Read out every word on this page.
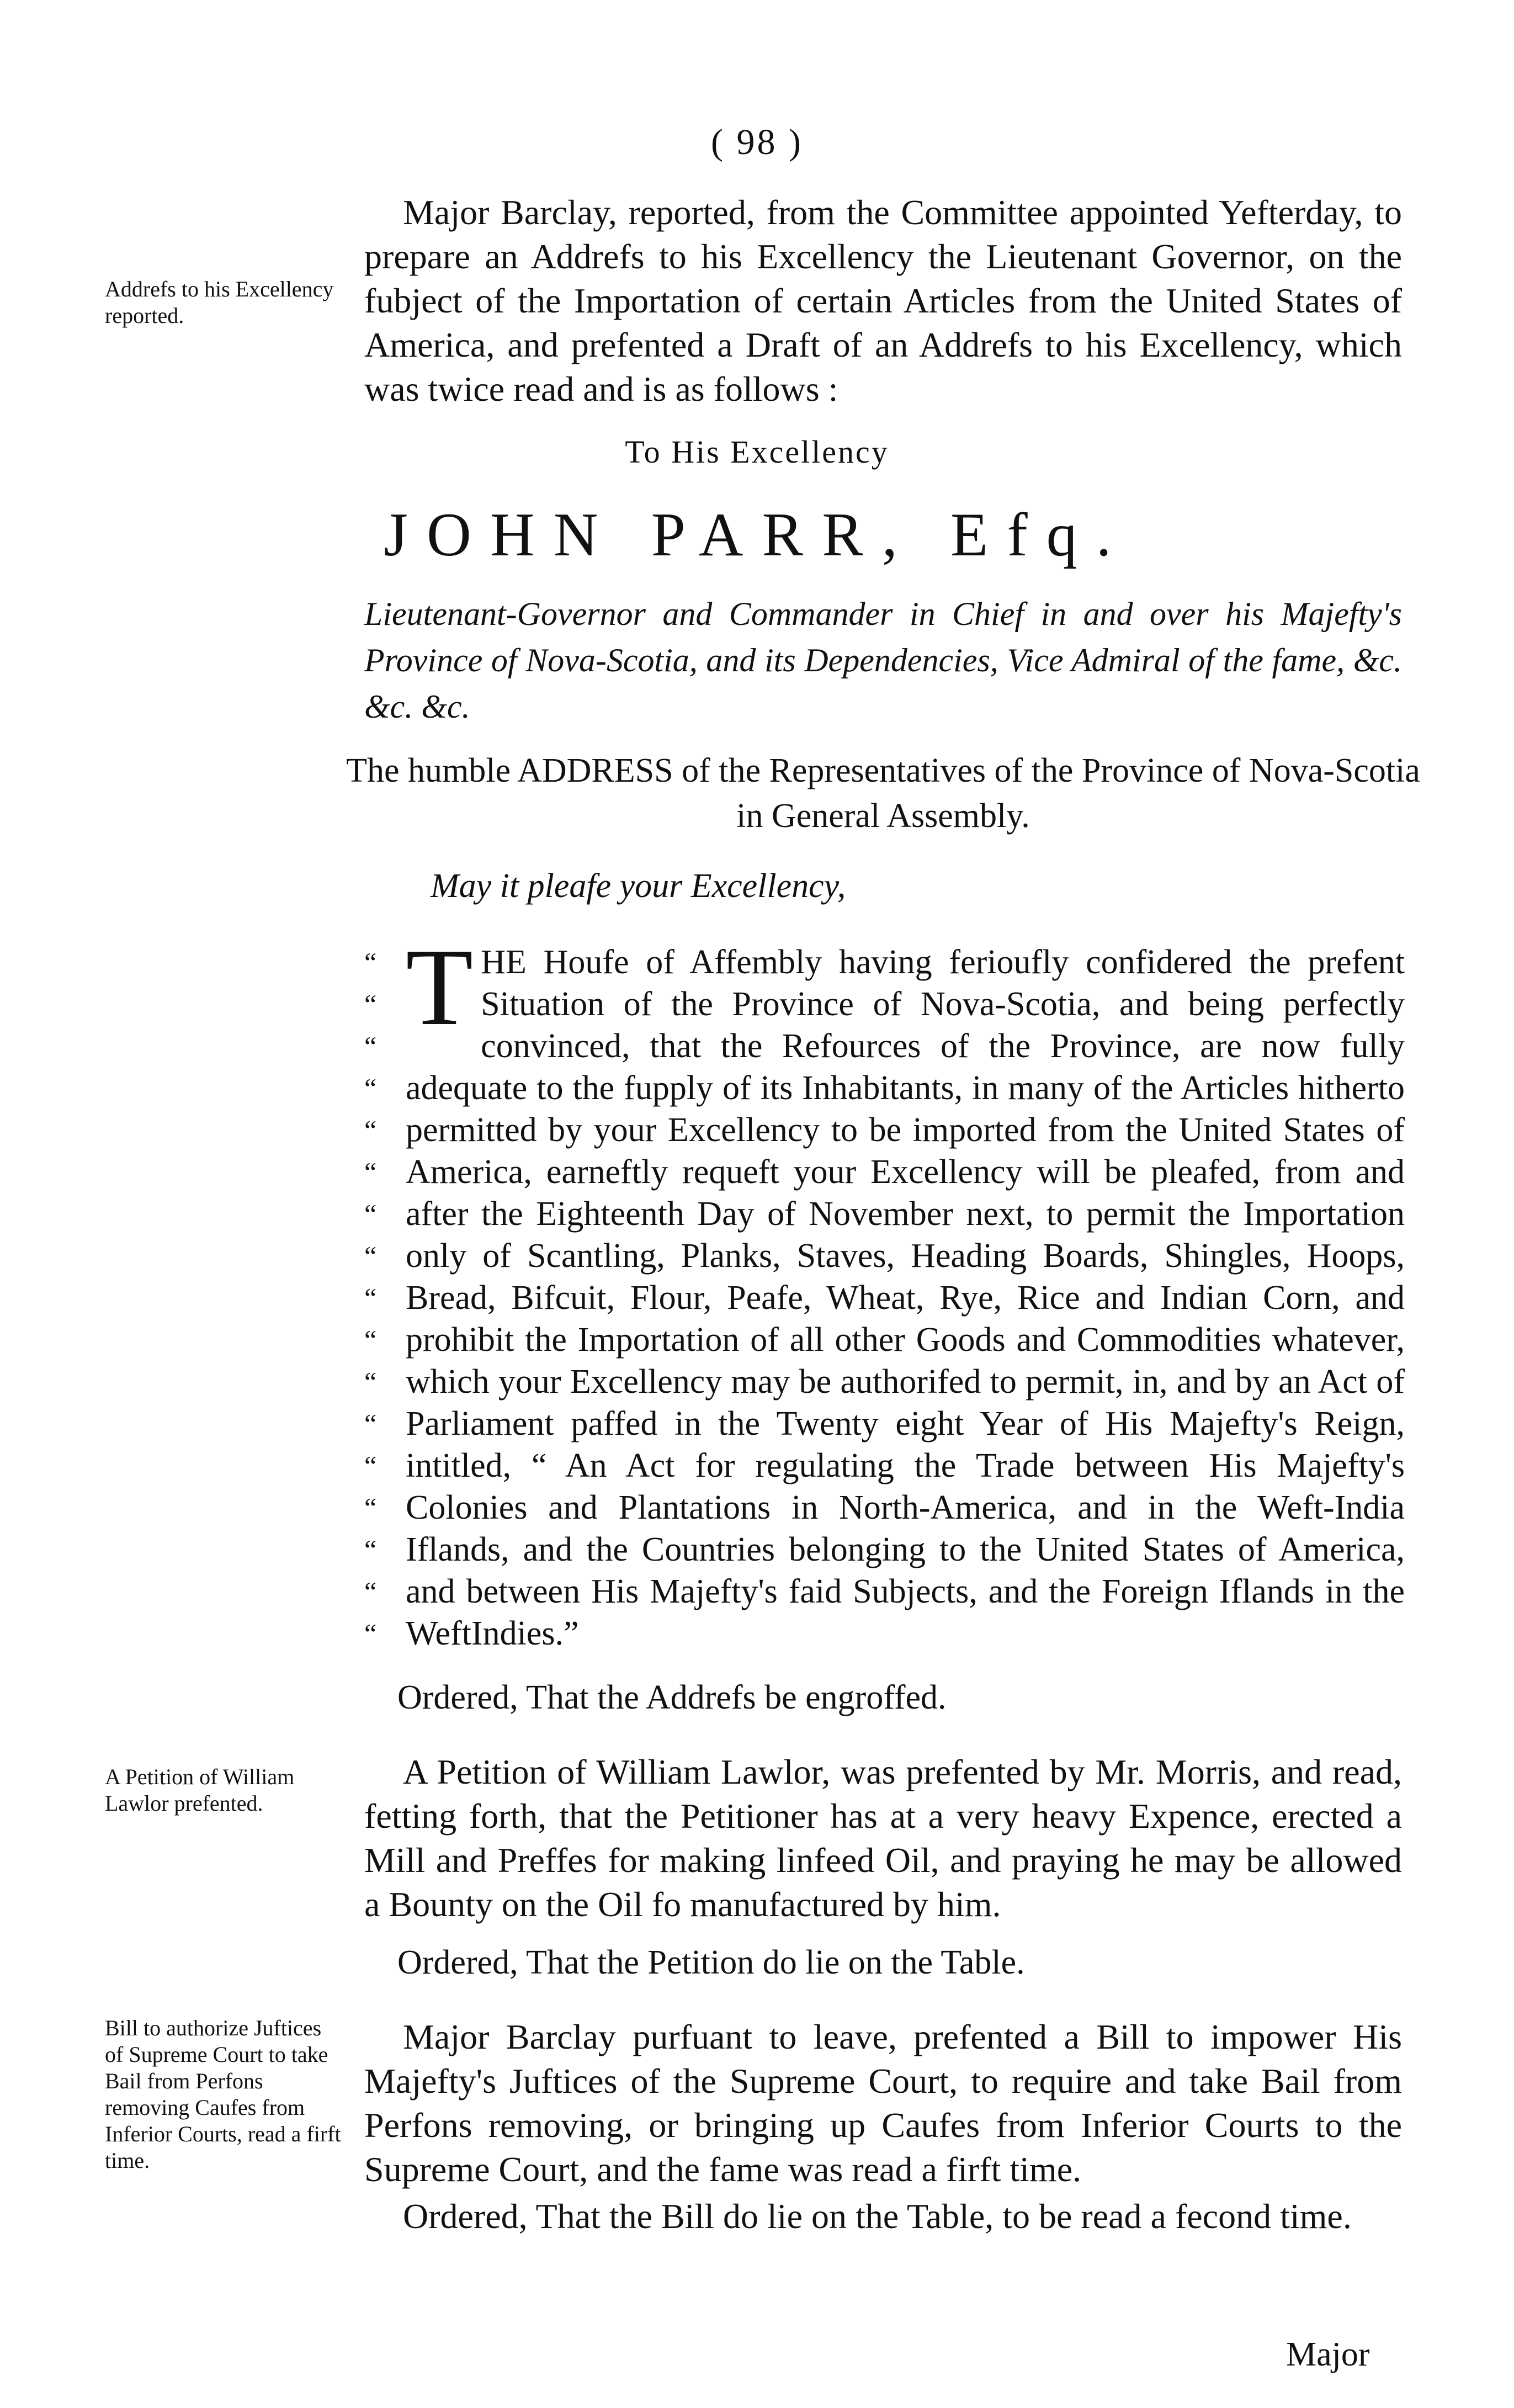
( 98 )
Addrefs to his Excellency reported.

Major Barclay, reported, from the Committee appointed Yefterday, to prepare an Addrefs to his Excellency the Lieutenant Governor, on the fubject of the Importation of certain Articles from the United States of America, and prefented a Draft of an Addrefs to his Excellency, which was twice read and is as follows :

To His Excellency
JOHN PARR, Efq.
Lieutenant-Governor and Commander in Chief in and over his Majefty's Province of Nova-Scotia, and its Dependencies, Vice Admiral of the fame, &c. &c. &c.
The humble ADDRESS of the Representatives of the Province of Nova-Scotia in General Assembly.
May it pleafe your Excellency,
“
“
“
“
“
“
“
“
“
“
“
“
“
“
“
“
“
T HE Houfe of Affembly having ferioufly confidered the prefent Situation of the Province of Nova-Scotia, and being perfectly convinced, that the Refources of the Province, are now fully adequate to the fupply of its Inhabitants, in many of the Articles hitherto permitted by your Excellency to be imported from the United States of America, earneftly requeft your Excellency will be pleafed, from and after the Eighteenth Day of November next, to permit the Importation only of Scantling, Planks, Staves, Heading Boards, Shingles, Hoops, Bread, Bifcuit, Flour, Peafe, Wheat, Rye, Rice and Indian Corn, and prohibit the Importation of all other Goods and Commodities whatever, which your Excellency may be authorifed to permit, in, and by an Act of Parliament paffed in the Twenty eight Year of His Majefty's Reign, intitled, “ An Act for regulating the Trade between His Majefty's Colonies and Plantations in North-America, and in the Weft-India Iflands, and the Countries belonging to the United States of America, and between His Majefty's faid Subjects, and the Foreign Iflands in the WeftIndies.”

Ordered, That the Addrefs be engroffed.
A Petition of William Lawlor prefented.

A Petition of William Lawlor, was prefented by Mr. Morris, and read, fetting forth, that the Petitioner has at a very heavy Expence, erected a Mill and Preffes for making linfeed Oil, and praying he may be allowed a Bounty on the Oil fo manufactured by him.

Ordered, That the Petition do lie on the Table.
Bill to authorize Juftices of Supreme Court to take Bail from Perfons removing Caufes from Inferior Courts, read a firft time.

Major Barclay purfuant to leave, prefented a Bill to impower His Majefty's Juftices of the Supreme Court, to require and take Bail from Perfons removing, or bringing up Caufes from Inferior Courts to the Supreme Court, and the fame was read a firft time.

Ordered, That the Bill do lie on the Table, to be read a fecond time.

Major
